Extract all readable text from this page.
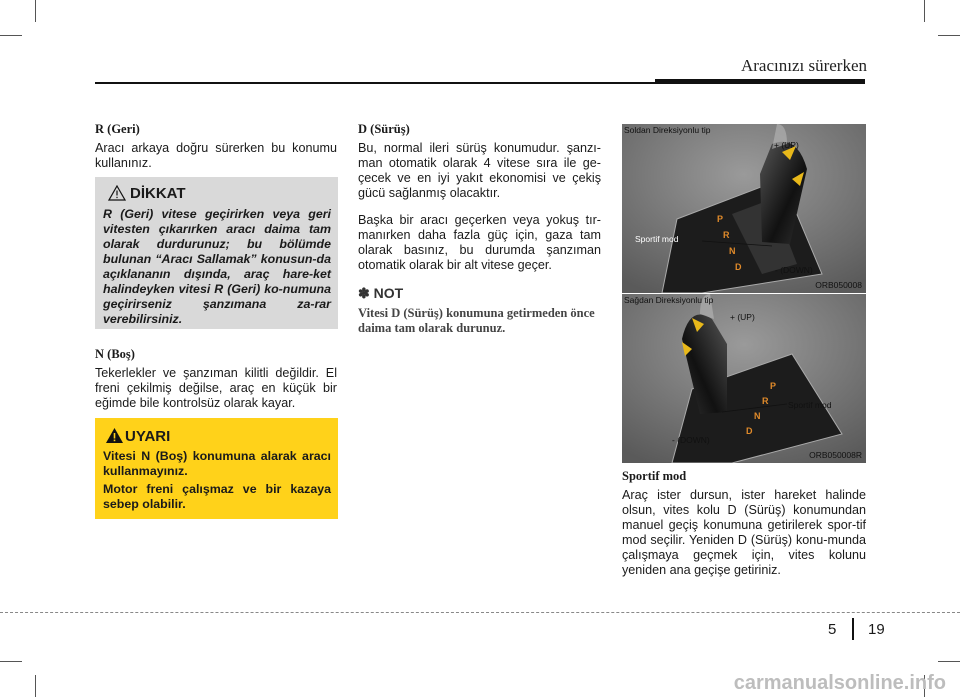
Aracınızı sürerken
R (Geri)

Aracı arkaya doğru sürerken bu konumu kullanınız.

DİKKAT
R (Geri) vitese geçirirken veya geri vitesten çıkarırken aracı daima tam olarak durdurunuz; bu bölümde bulunan “Aracı Sallamak” konusun-da açıklananın dışında, araç hare-ket halindeyken vitesi R (Geri) ko-numuna geçirirseniz şanzımana za-rar verebilirsiniz.
N (Boş)

Tekerlekler ve şanzıman kilitli değildir. El freni çekilmiş değilse, araç en küçük bir eğimde bile kontrolsüz olarak kayar.

UYARI

Vitesi N (Boş) konumuna alarak aracı kullanmayınız.

Motor freni çalışmaz ve bir kazaya sebep olabilir.

D (Sürüş)

Bu, normal ileri sürüş konumudur. şanzı-man otomatik olarak 4 vitese sıra ile ge-çecek ve en iyi yakıt ekonomisi ve çekiş gücü sağlanmış olacaktır.

Başka bir aracı geçerken veya yokuş tır-manırken daha fazla güç için, gaza tam olarak basınız, bu durumda şanzıman otomatik olarak bir alt vitese geçer.

✽ NOT

Vitesi D (Sürüş) konumuna getirmeden önce daima tam olarak durunuz.

P
R
N
D
Soldan Direksiyonlu tip
+ (UP)
Sportif mod
- (DOWN)
ORB050008
P
R
N
D
Sağdan Direksiyonlu tip
+ (UP)
Sportif mod
- (DOWN)
ORB050008R
Sportif mod

Araç ister dursun, ister hareket halinde olsun, vites kolu D (Sürüş) konumundan manuel geçiş konumuna getirilerek spor-tif mod seçilir. Yeniden D (Sürüş) konu-munda çalışmaya geçmek için, vites kolunu yeniden ana geçişe getiriniz.

5 19
carmanualsonline.info
